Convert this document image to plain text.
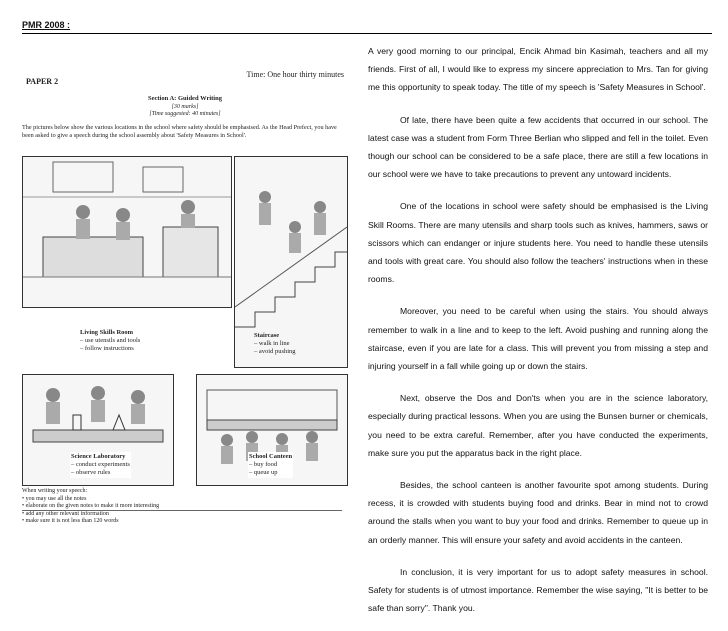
PMR 2008 :
PAPER 2
Time: One hour thirty minutes
Section A: Guided Writing
[30 marks]
[Time suggested: 40 minutes]
The pictures below show the various locations in the school where safety should be emphasised. As the Head Prefect, you have been asked to give a speech during the school assembly about 'Safety Measures in School'.
Living Skills Room
– use utensils and tools
– follow instructions
Staircase
– walk in line
– avoid pushing
Science Laboratory
– conduct experiments
– observe rules
School Canteen
– buy food
– queue up
When writing your speech:
• you may use all the notes
• elaborate on the given notes to make it more interesting
• add any other relevant information
• make sure it is not less than 120 words

A very good morning to our principal, Encik Ahmad bin Kasimah, teachers and all my friends. First of all, I would like to express my sincere appreciation to Mrs. Tan for giving me this opportunity to speak today. The title of my speech is 'Safety Measures in School'.

Of late, there have been quite a few accidents that occurred in our school. The latest case was a student from Form Three Berlian who slipped and fell in the toilet. Even though our school can be considered to be a safe place, there are still a few locations in our school were we have to take precautions to prevent any untoward incidents.

One of the locations in school were safety should be emphasised is the Living Skill Rooms. There are many utensils and sharp tools such as knives, hammers, saws or scissors which can endanger or injure students here. You need to handle these utensils and tools with great care. You should also follow the teachers' instructions when in these rooms.

Moreover, you need to be careful when using the stairs. You should always remember to walk in a line and to keep to the left. Avoid pushing and running along the staircase, even if you are late for a class. This will prevent you from missing a step and injuring yourself in a fall while going up or down the stairs.

Next, observe the Dos and Don'ts when you are in the science laboratory, especially during practical lessons. When you are using the Bunsen burner or chemicals, you need to be extra careful. Remember, after you have conducted the experiments, make sure you put the apparatus back in the right place.

Besides, the school canteen is another favourite spot among students. During recess, it is crowded with students buying food and drinks. Bear in mind not to crowd around the stalls when you want to buy your food and drinks. Remember to queue up in an orderly manner. This will ensure your safety and avoid accidents in the canteen.

In conclusion, it is very important for us to adopt safety measures in school. Safety for students is of utmost importance. Remember the wise saying, "It is better to be safe than sorry". Thank you.
